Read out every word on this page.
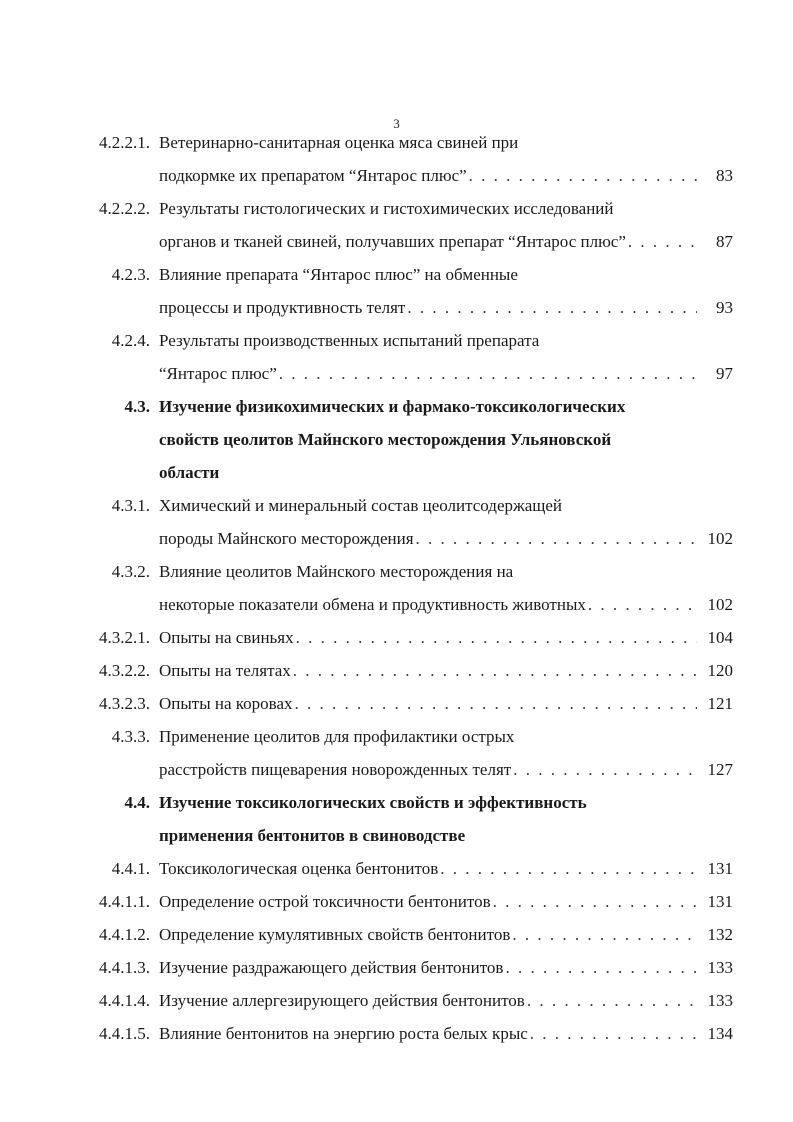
3
4.2.2.1. Ветеринарно-санитарная оценка мяса свиней при
подкормке их препаратом “Янтарос плюс” . . .	83
4.2.2.2. Результаты гистологических и гистохимических исследований
органов и тканей свиней, получавших препарат “Янтарос плюс” . . .	87
4.2.3. Влияние препарата “Янтарос плюс” на обменные
процессы и продуктивность телят . . .	93
4.2.4. Результаты производственных испытаний препарата
“Янтарос плюс” . . .	97
4.3. Изучение физикохимических и фармако-токсикологических
свойств цеолитов Майнского месторождения Ульяновской
области
4.3.1. Химический и минеральный состав цеолитсодержащей
породы Майнского месторождения . . .	102
4.3.2. Влияние цеолитов Майнского месторождения на
некоторые показатели обмена и продуктивность животных . . .	102
4.3.2.1. Опыты на свиньях . . .	104
4.3.2.2. Опыты на телятах . . .	120
4.3.2.3. Опыты на коровах . . .	121
4.3.3. Применение цеолитов для профилактики острых
расстройств пищеварения новорожденных телят . . .	127
4.4. Изучение токсикологических свойств и эффективность
применения бентонитов в свиноводстве
4.4.1. Токсикологическая оценка бентонитов . . .	131
4.4.1.1. Определение острой токсичности бентонитов . . .	131
4.4.1.2. Определение кумулятивных свойств бентонитов . . .	132
4.4.1.3. Изучение раздражающего действия бентонитов . . .	133
4.4.1.4. Изучение аллергезирующего действия бентонитов . . .	133
4.4.1.5. Влияние бентонитов на энергию роста белых крыс . . .	134
